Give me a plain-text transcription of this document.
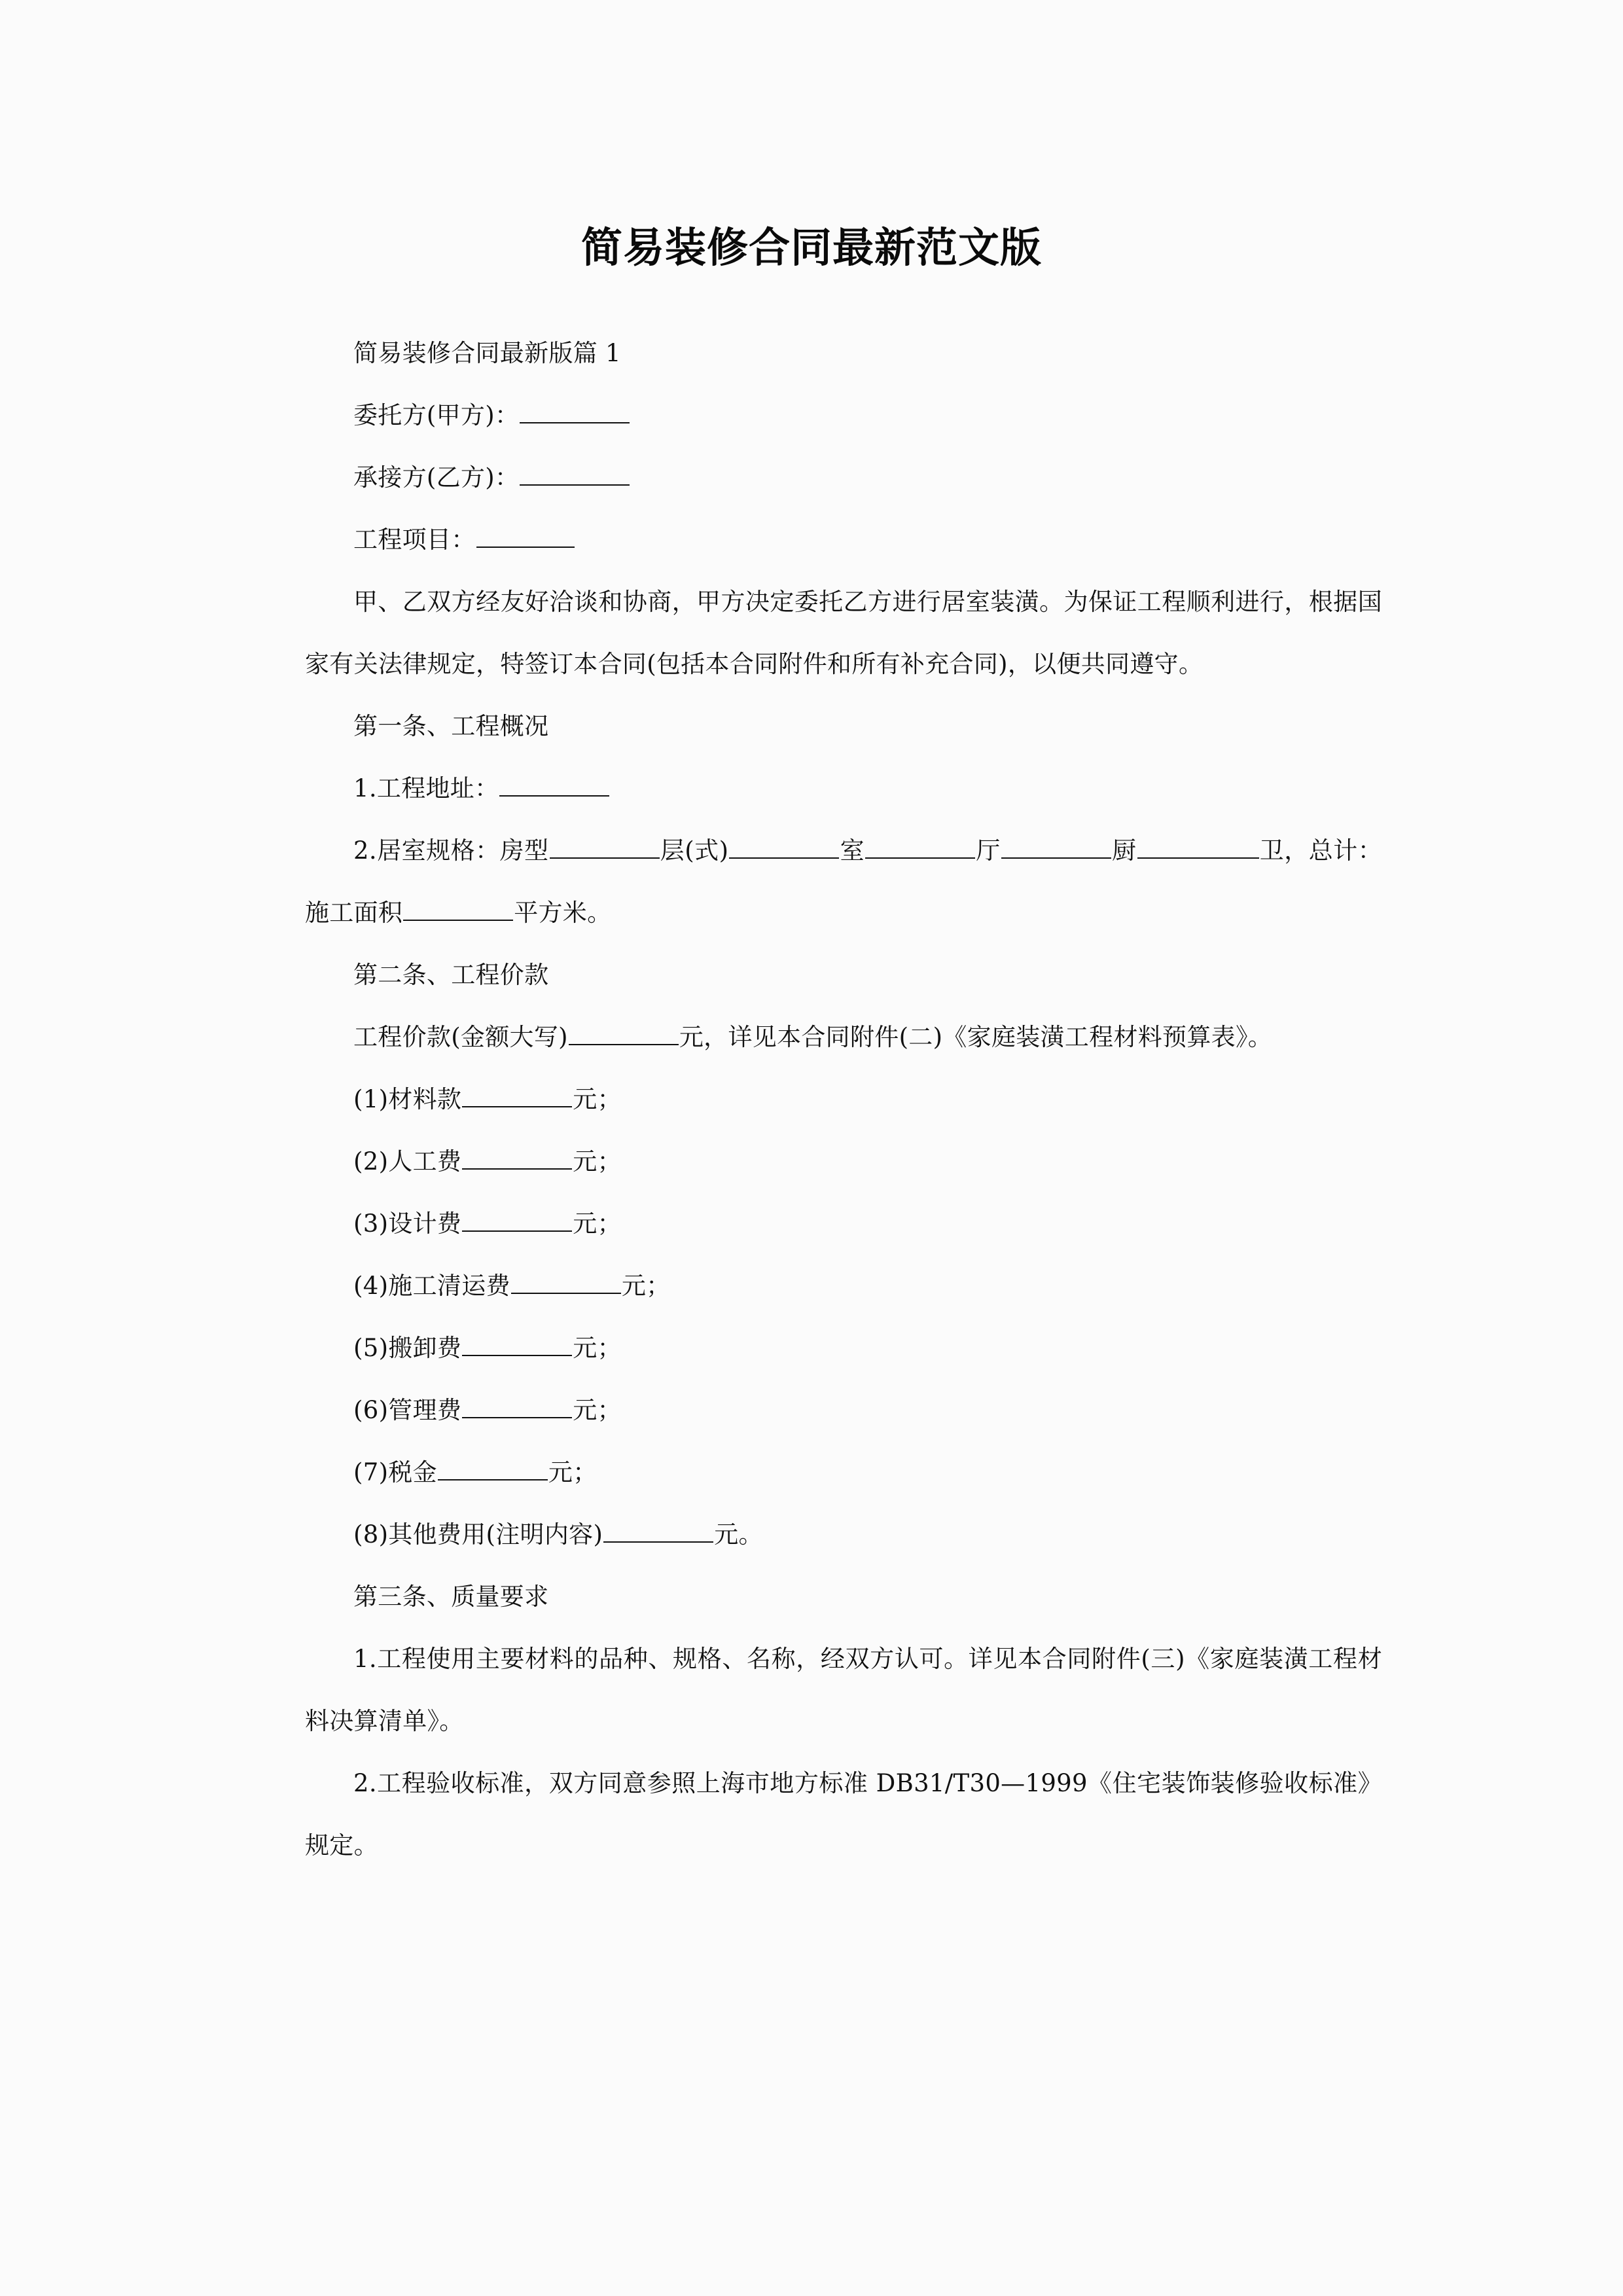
简易装修合同最新范文版

简易装修合同最新版篇 1

委托方(甲方)：

承接方(乙方)：

工程项目：

甲、乙双方经友好洽谈和协商，甲方决定委托乙方进行居室装潢。为保证工程顺利进行，根据国家有关法律规定，特签订本合同(包括本合同附件和所有补充合同)，以便共同遵守。

第一条、工程概况

1.工程地址：

2.居室规格：房型	层(式)	室	厅	厨	卫，总计：施工面积	平方米。

第二条、工程价款

工程价款(金额大写)	元，详见本合同附件(二)《家庭装潢工程材料预算表》。

(1)材料款	元；

(2)人工费	元；

(3)设计费	元；

(4)施工清运费	元；

(5)搬卸费	元；

(6)管理费	元；

(7)税金	元；

(8)其他费用(注明内容)	元。

第三条、质量要求

1.工程使用主要材料的品种、规格、名称，经双方认可。详见本合同附件(三)《家庭装潢工程材料决算清单》。

2.工程验收标准，双方同意参照上海市地方标准 DB31/T30—1999《住宅装饰装修验收标准》规定。
